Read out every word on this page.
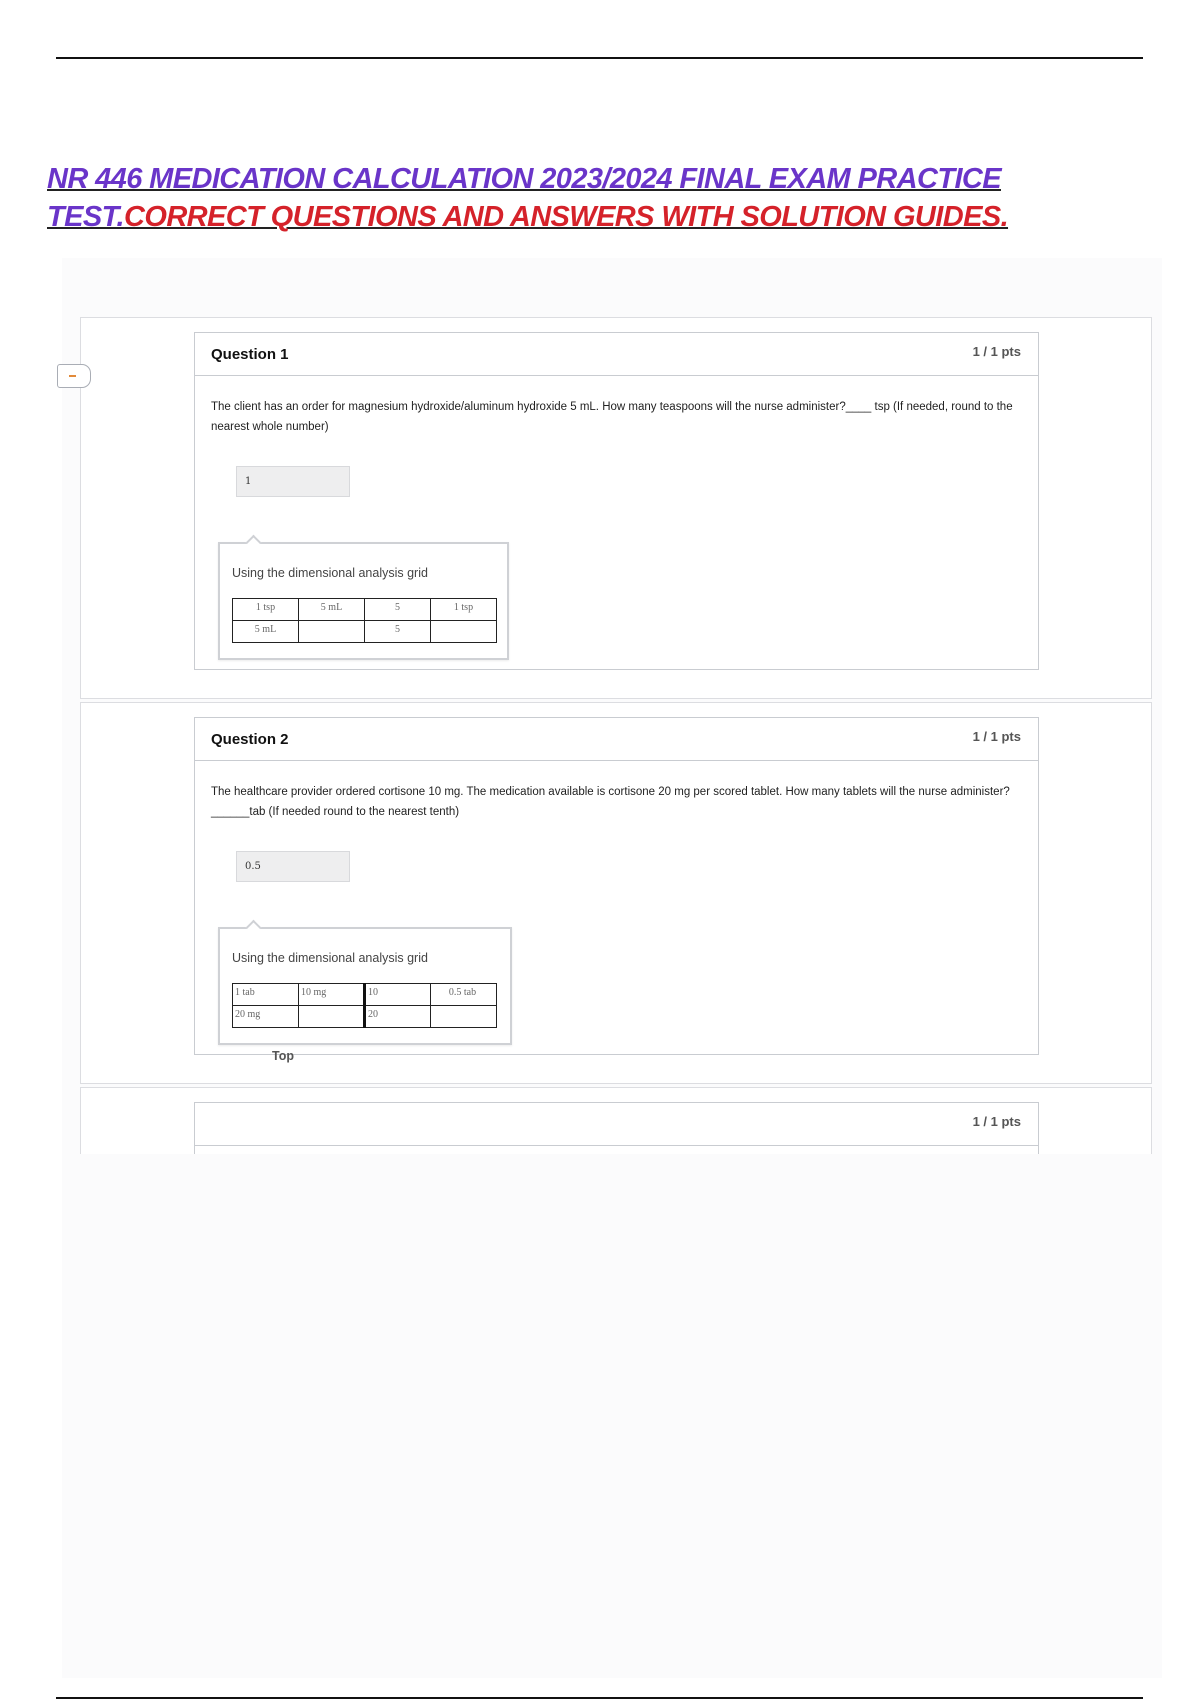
NR 446 MEDICATION CALCULATION 2023/2024 FINAL EXAM PRACTICE TEST.CORRECT QUESTIONS AND ANSWERS WITH SOLUTION GUIDES.
Question 1	1 / 1 pts
The client has an order for magnesium hydroxide/aluminum hydroxide 5 mL. How many teaspoons will the nurse administer?____ tsp (If needed, round to the nearest whole number)
1
Using the dimensional analysis grid
1 tsp	5 mL	5	1 tsp
5 mL		5	
Question 2	1 / 1 pts
The healthcare provider ordered cortisone 10 mg. The medication available is cortisone 20 mg per scored tablet. How many tablets will the nurse administer?______tab (If needed round to the nearest tenth)
0.5
Using the dimensional analysis grid
1 tab	10 mg	10	0.5 tab
20 mg		20	
Top
1 / 1 pts
